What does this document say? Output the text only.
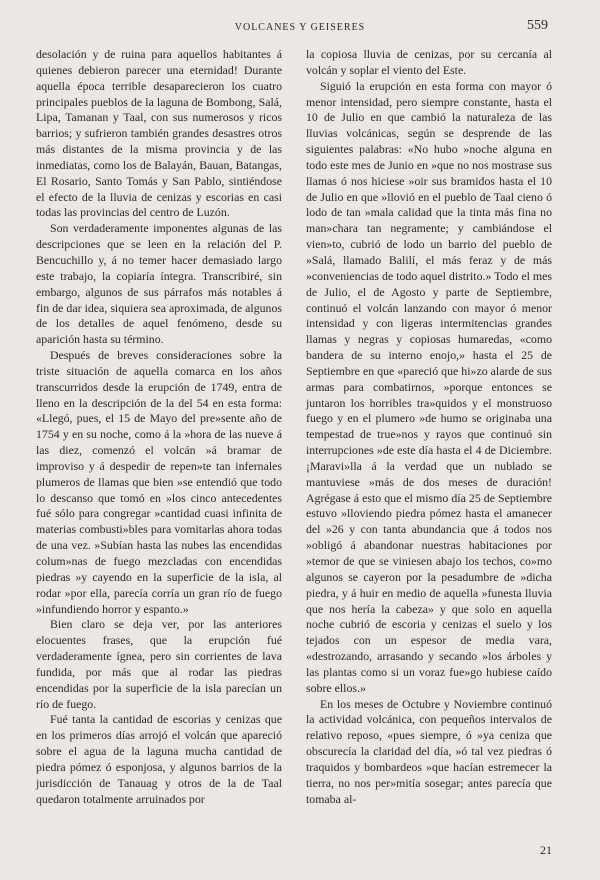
VOLCANES Y GEISERES	559

desolación y de ruina para aquellos habitantes á quienes debieron parecer una eternidad! Durante aquella época terrible desaparecieron los cuatro principales pueblos de la laguna de Bombong, Salá, Lipa, Tamanan y Taal, con sus numerosos y ricos barrios; y sufrieron también grandes desastres otros más distantes de la misma provincia y de las inmediatas, como los de Balayán, Bauan, Batangas, El Rosario, Santo Tomás y San Pablo, sintiéndose el efecto de la lluvia de cenizas y escorias en casi todas las provincias del centro de Luzón.

Son verdaderamente imponentes algunas de las descripciones que se leen en la relación del P. Bencuchillo y, á no temer hacer demasiado largo este trabajo, la copiaría íntegra. Transcribiré, sin embargo, algunos de sus párrafos más notables á fin de dar idea, siquiera sea aproximada, de algunos de los detalles de aquel fenómeno, desde su aparición hasta su término.

Después de breves consideraciones sobre la triste situación de aquella comarca en los años transcurridos desde la erupción de 1749, entra de lleno en la descripción de la del 54 en esta forma: «Llegó, pues, el 15 de Mayo del pre»sente año de 1754 y en su noche, como á la »hora de las nueve á las diez, comenzó el volcán »á bramar de improviso y á despedir de repen»te tan infernales plumeros de llamas que bien »se entendió que todo lo descanso que tomó en »los cinco antecedentes fué sólo para congregar »cantidad cuasi infinita de materias combusti»bles para vomitarlas ahora todas de una vez. »Subían hasta las nubes las encendidas colum»nas de fuego mezcladas con encendidas piedras »y cayendo en la superficie de la isla, al rodar »por ella, parecía corría un gran río de fuego »infundiendo horror y espanto.»

Bien claro se deja ver, por las anteriores elocuentes frases, que la erupción fué verdaderamente ígnea, pero sin corrientes de lava fundida, por más que al rodar las piedras encendidas por la superficie de la isla parecían un río de fuego.

Fué tanta la cantidad de escorias y cenizas que en los primeros días arrojó el volcán que apareció sobre el agua de la laguna mucha cantidad de piedra pómez ó esponjosa, y algunos barrios de la jurisdicción de Tanauag y otros de la de Taal quedaron totalmente arruinados por

la copiosa lluvia de cenizas, por su cercanía al volcán y soplar el viento del Este.

Siguió la erupción en esta forma con mayor ó menor intensidad, pero siempre constante, hasta el 10 de Julio en que cambió la naturaleza de las lluvias volcánicas, según se desprende de las siguientes palabras: «No hubo »noche alguna en todo este mes de Junio en »que no nos mostrase sus llamas ó nos hiciese »oir sus bramidos hasta el 10 de Julio en que »llovió en el pueblo de Taal cieno ó lodo de tan »mala calidad que la tinta más fina no man»chara tan negramente; y cambiándose el vien»to, cubrió de lodo un barrio del pueblo de »Salá, llamado Balilí, el más feraz y de más »conveniencias de todo aquel distrito.» Todo el mes de Julio, el de Agosto y parte de Septiembre, continuó el volcán lanzando con mayor ó menor intensidad y con ligeras intermitencias grandes llamas y negras y copiosas humaredas, «como bandera de su interno enojo,» hasta el 25 de Septiembre en que «pareció que hi»zo alarde de sus armas para combatirnos, »porque entonces se juntaron los horribles tra»quidos y el monstruoso fuego y en el plumero »de humo se originaba una tempestad de true»nos y rayos que continuó sin interrupciones »de este día hasta el 4 de Diciembre. ¡Maravi»lla á la verdad que un nublado se mantuviese »más de dos meses de duración! Agrégase á esto que el mismo día 25 de Septiembre estuvo »lloviendo piedra pómez hasta el amanecer del »26 y con tanta abundancia que á todos nos »obligó á abandonar nuestras habitaciones por »temor de que se viniesen abajo los techos, co»mo algunos se cayeron por la pesadumbre de »dicha piedra, y á huir en medio de aquella »funesta lluvia que nos hería la cabeza» y que solo en aquella noche cubrió de escoria y cenizas el suelo y los tejados con un espesor de media vara, «destrozando, arrasando y secando »los árboles y las plantas como si un voraz fue»go hubiese caído sobre ellos.»

En los meses de Octubre y Noviembre continuó la actividad volcánica, con pequeños intervalos de relativo reposo, «pues siempre, ó »ya ceniza que obscurecía la claridad del día, »ó tal vez piedras ó traquidos y bombardeos »que hacían estremecer la tierra, no nos per»mitía sosegar; antes parecía que tomaba al-

21
